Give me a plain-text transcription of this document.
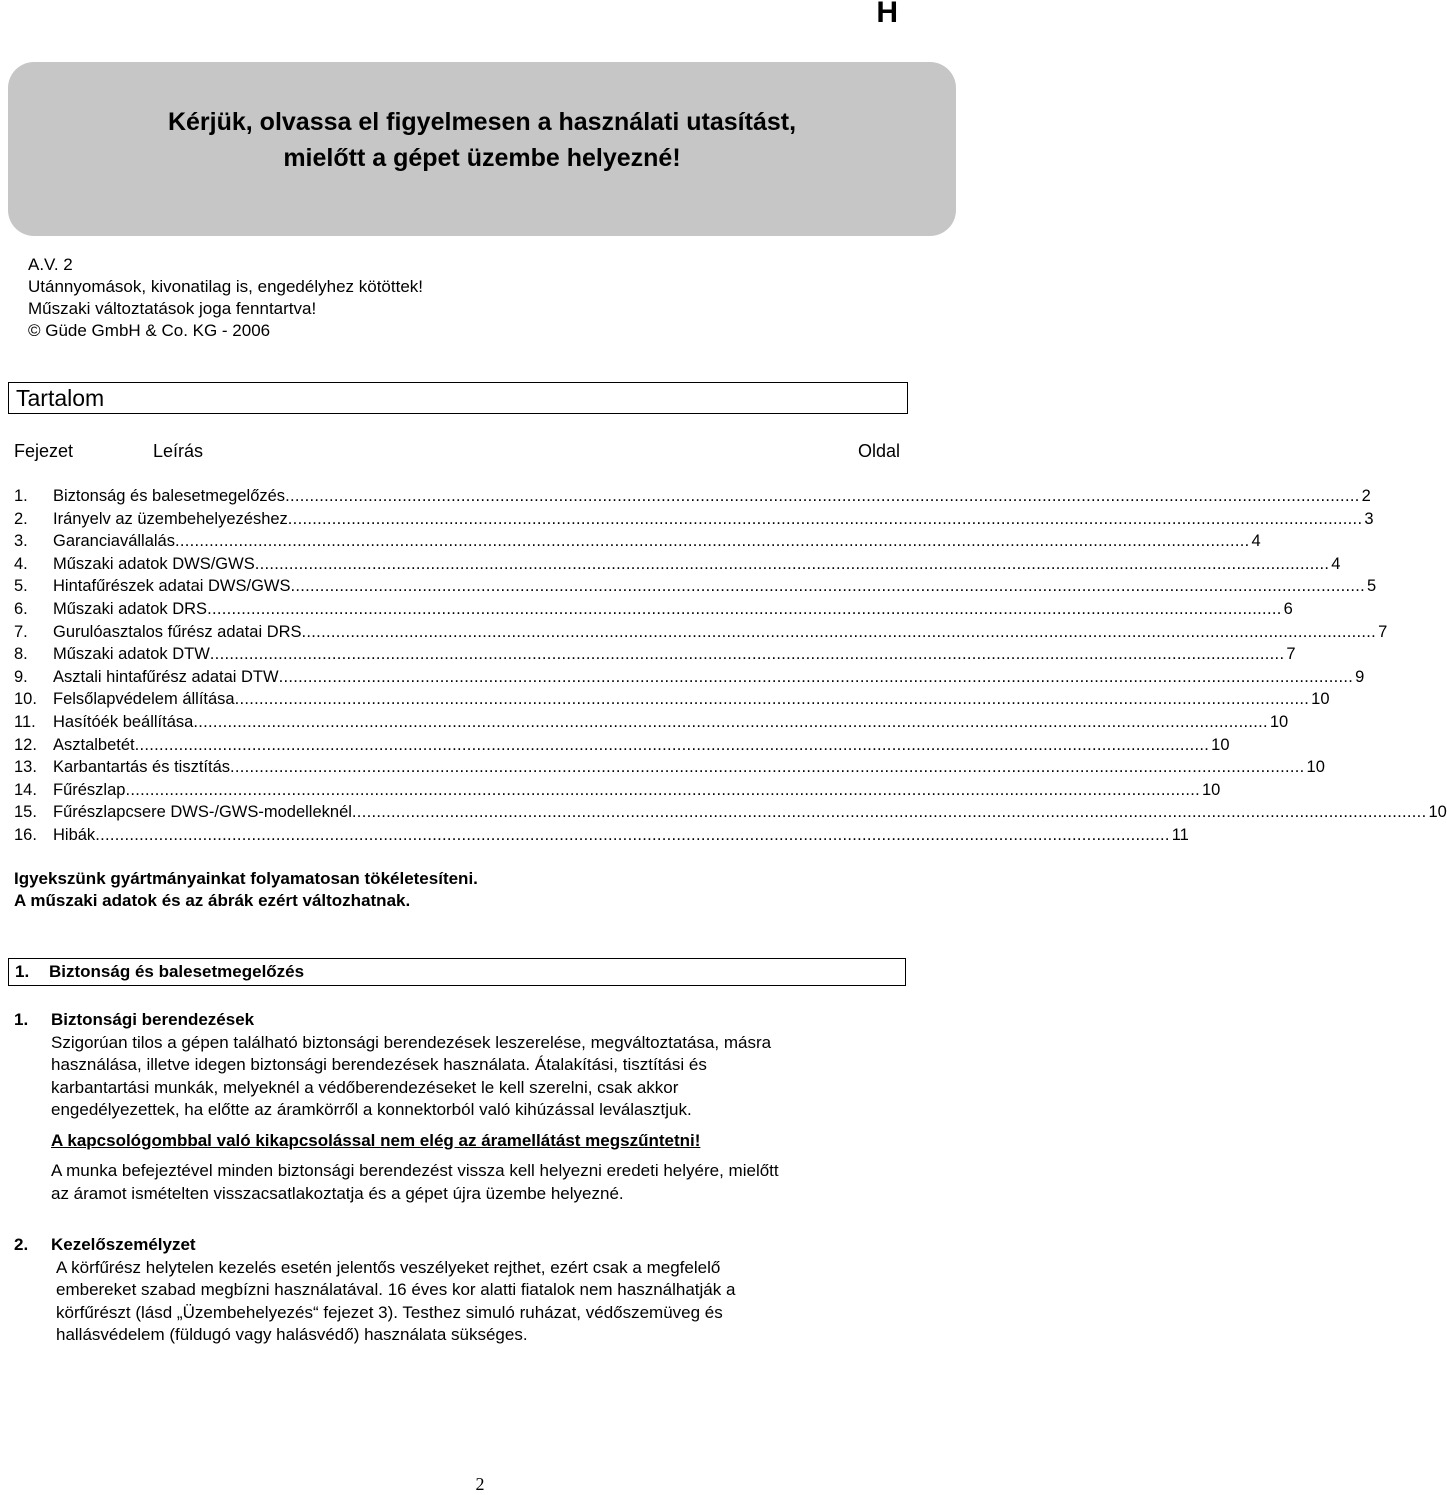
H
Kérjük, olvassa el figyelmesen a használati utasítást,
mielőtt a gépet üzembe helyezné!
A.V. 2
Utánnyomások, kivonatilag is, engedélyhez kötöttek!
Műszaki változtatások joga fenntartva!
© Güde GmbH & Co. KG - 2006
Tartalom
Fejezet	Leírás	Oldal
1.	Biztonság és balesetmegelőzés ............................................................................................................................................................................................................................ 2
2.	Irányelv az üzembehelyezéshez ............................................................................................................................................................................................................................ 3
3.	Garanciavállalás ............................................................................................................................................................................................................................ 4
4.	Műszaki adatok DWS/GWS ............................................................................................................................................................................................................................ 4
5.	Hintafűrészek adatai DWS/GWS ............................................................................................................................................................................................................................ 5
6.	Műszaki adatok DRS ............................................................................................................................................................................................................................ 6
7.	Gurulóasztalos fűrész adatai DRS ............................................................................................................................................................................................................................ 7
8.	Műszaki adatok DTW ............................................................................................................................................................................................................................ 7
9.	Asztali hintafűrész adatai DTW ............................................................................................................................................................................................................................ 9
10. Felsőlapvédelem állítása ............................................................................................................................................................................................................................ 10
11.	Hasítóék beállítása ............................................................................................................................................................................................................................ 10
12. Asztalbetét ............................................................................................................................................................................................................................ 10
13. Karbantartás és tisztítás ............................................................................................................................................................................................................................ 10
14. Fűrészlap ............................................................................................................................................................................................................................ 10
15. Fűrészlapcsere DWS-/GWS-modelleknél ............................................................................................................................................................................................................................ 10
16. Hibák ............................................................................................................................................................................................................................ 11
Igyekszünk gyártmányainkat folyamatosan tökéletesíteni.
A műszaki adatok és az ábrák ezért változhatnak.
1. Biztonság és balesetmegelőzés
1. Biztonsági berendezések
Szigorúan tilos a gépen található biztonsági berendezések leszerelése, megváltoztatása, másra
használása, illetve idegen biztonsági berendezések használata. Átalakítási, tisztítási és
karbantartási munkák, melyeknél a védőberendezéseket le kell szerelni, csak akkor
engedélyezettek, ha előtte az áramkörről a konnektorból való kihúzással leválasztjuk.
A kapcsológombbal való kikapcsolással nem elég az áramellátást megszűntetni!
A munka befejeztével minden biztonsági berendezést vissza kell helyezni eredeti helyére, mielőtt
az áramot ismételten visszacsatlakoztatja és a gépet újra üzembe helyezné.
2. Kezelőszemélyzet
A körfűrész helytelen kezelés esetén jelentős veszélyeket rejthet, ezért csak a megfelelő
embereket szabad megbízni használatával. 16 éves kor alatti fiatalok nem használhatják a
körfűrészt (lásd „Üzembehelyezés“ fejezet 3). Testhez simuló ruházat, védőszemüveg és
hallásvédelem (füldugó vagy halásvédő) használata sükséges.
2
